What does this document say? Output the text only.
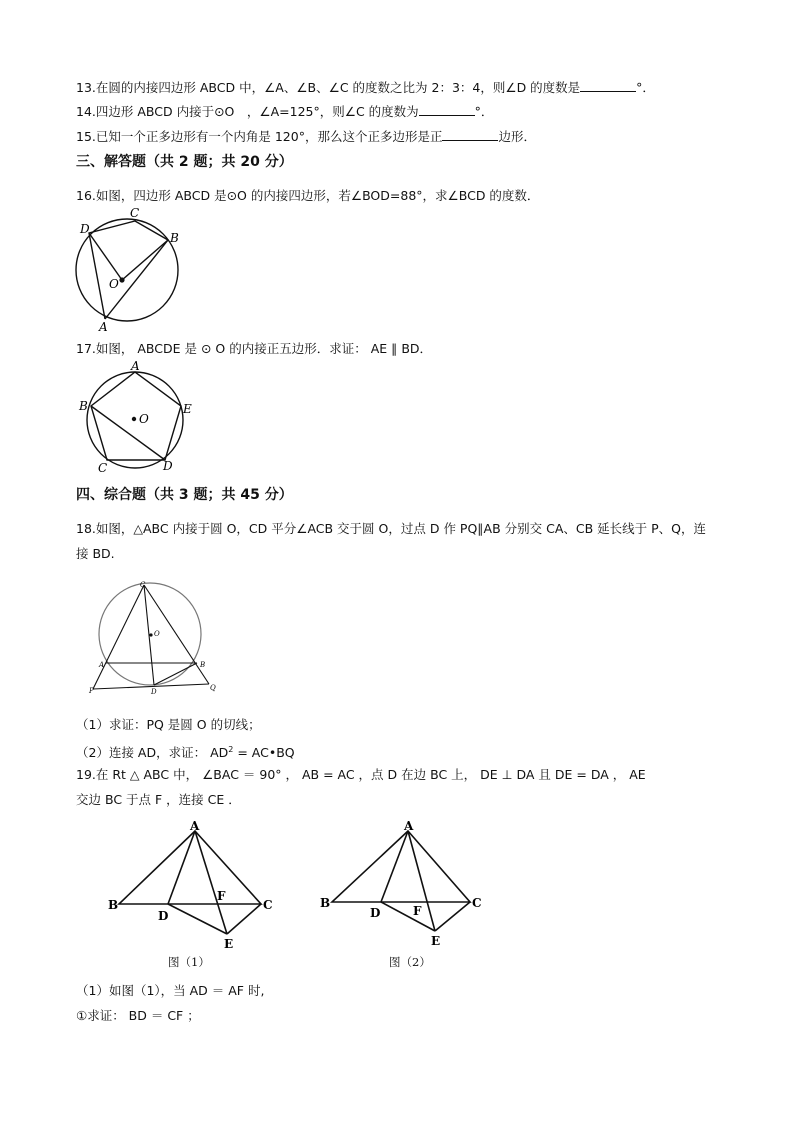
13.在圆的内接四边形 ABCD 中，∠A、∠B、∠C 的度数之比为 2：3：4，则∠D 的度数是	°．
14.四边形 ABCD 内接于⊙O　，∠A=125°，则∠C 的度数为	°．
15.已知一个正多边形有一个内角是 120°，那么这个正多边形是正	边形．
三、解答题（共 2 题；共 20 分）
16.如图，四边形 ABCD 是⊙O 的内接四边形，若∠BOD=88°，求∠BCD 的度数．
D
C
B
O
A
17.如图， ABCDE 是 ⊙ O 的内接正五边形．求证： AE ∥ BD．
A
B	E
O
C	D
四、综合题（共 3 题；共 45 分）
18.如图，△ABC 内接于圆 O，CD 平分∠ACB 交于圆 O，过点 D 作 PQ∥AB 分别交 CA、CB 延长线于 P、Q，连
接 BD.
C
O
A	B
P	D	Q
（1）求证：PQ 是圆 O 的切线；
（2）连接 AD，求证： $AD^2$ = AC•BQ
19.在 Rt △ ABC 中， ∠BAC ＝ 90° ， AB = AC ，点 D 在边 BC 上， DE ⊥ DA 且 DE = DA ， AE
交边 BC 于点 F ，连接 CE ．
A
B	C
D
F
E
图（1）
A
B	C
D	F
E
图（2）
（1）如图（1），当 AD ＝ AF 时,
①求证： BD ＝ CF ；
